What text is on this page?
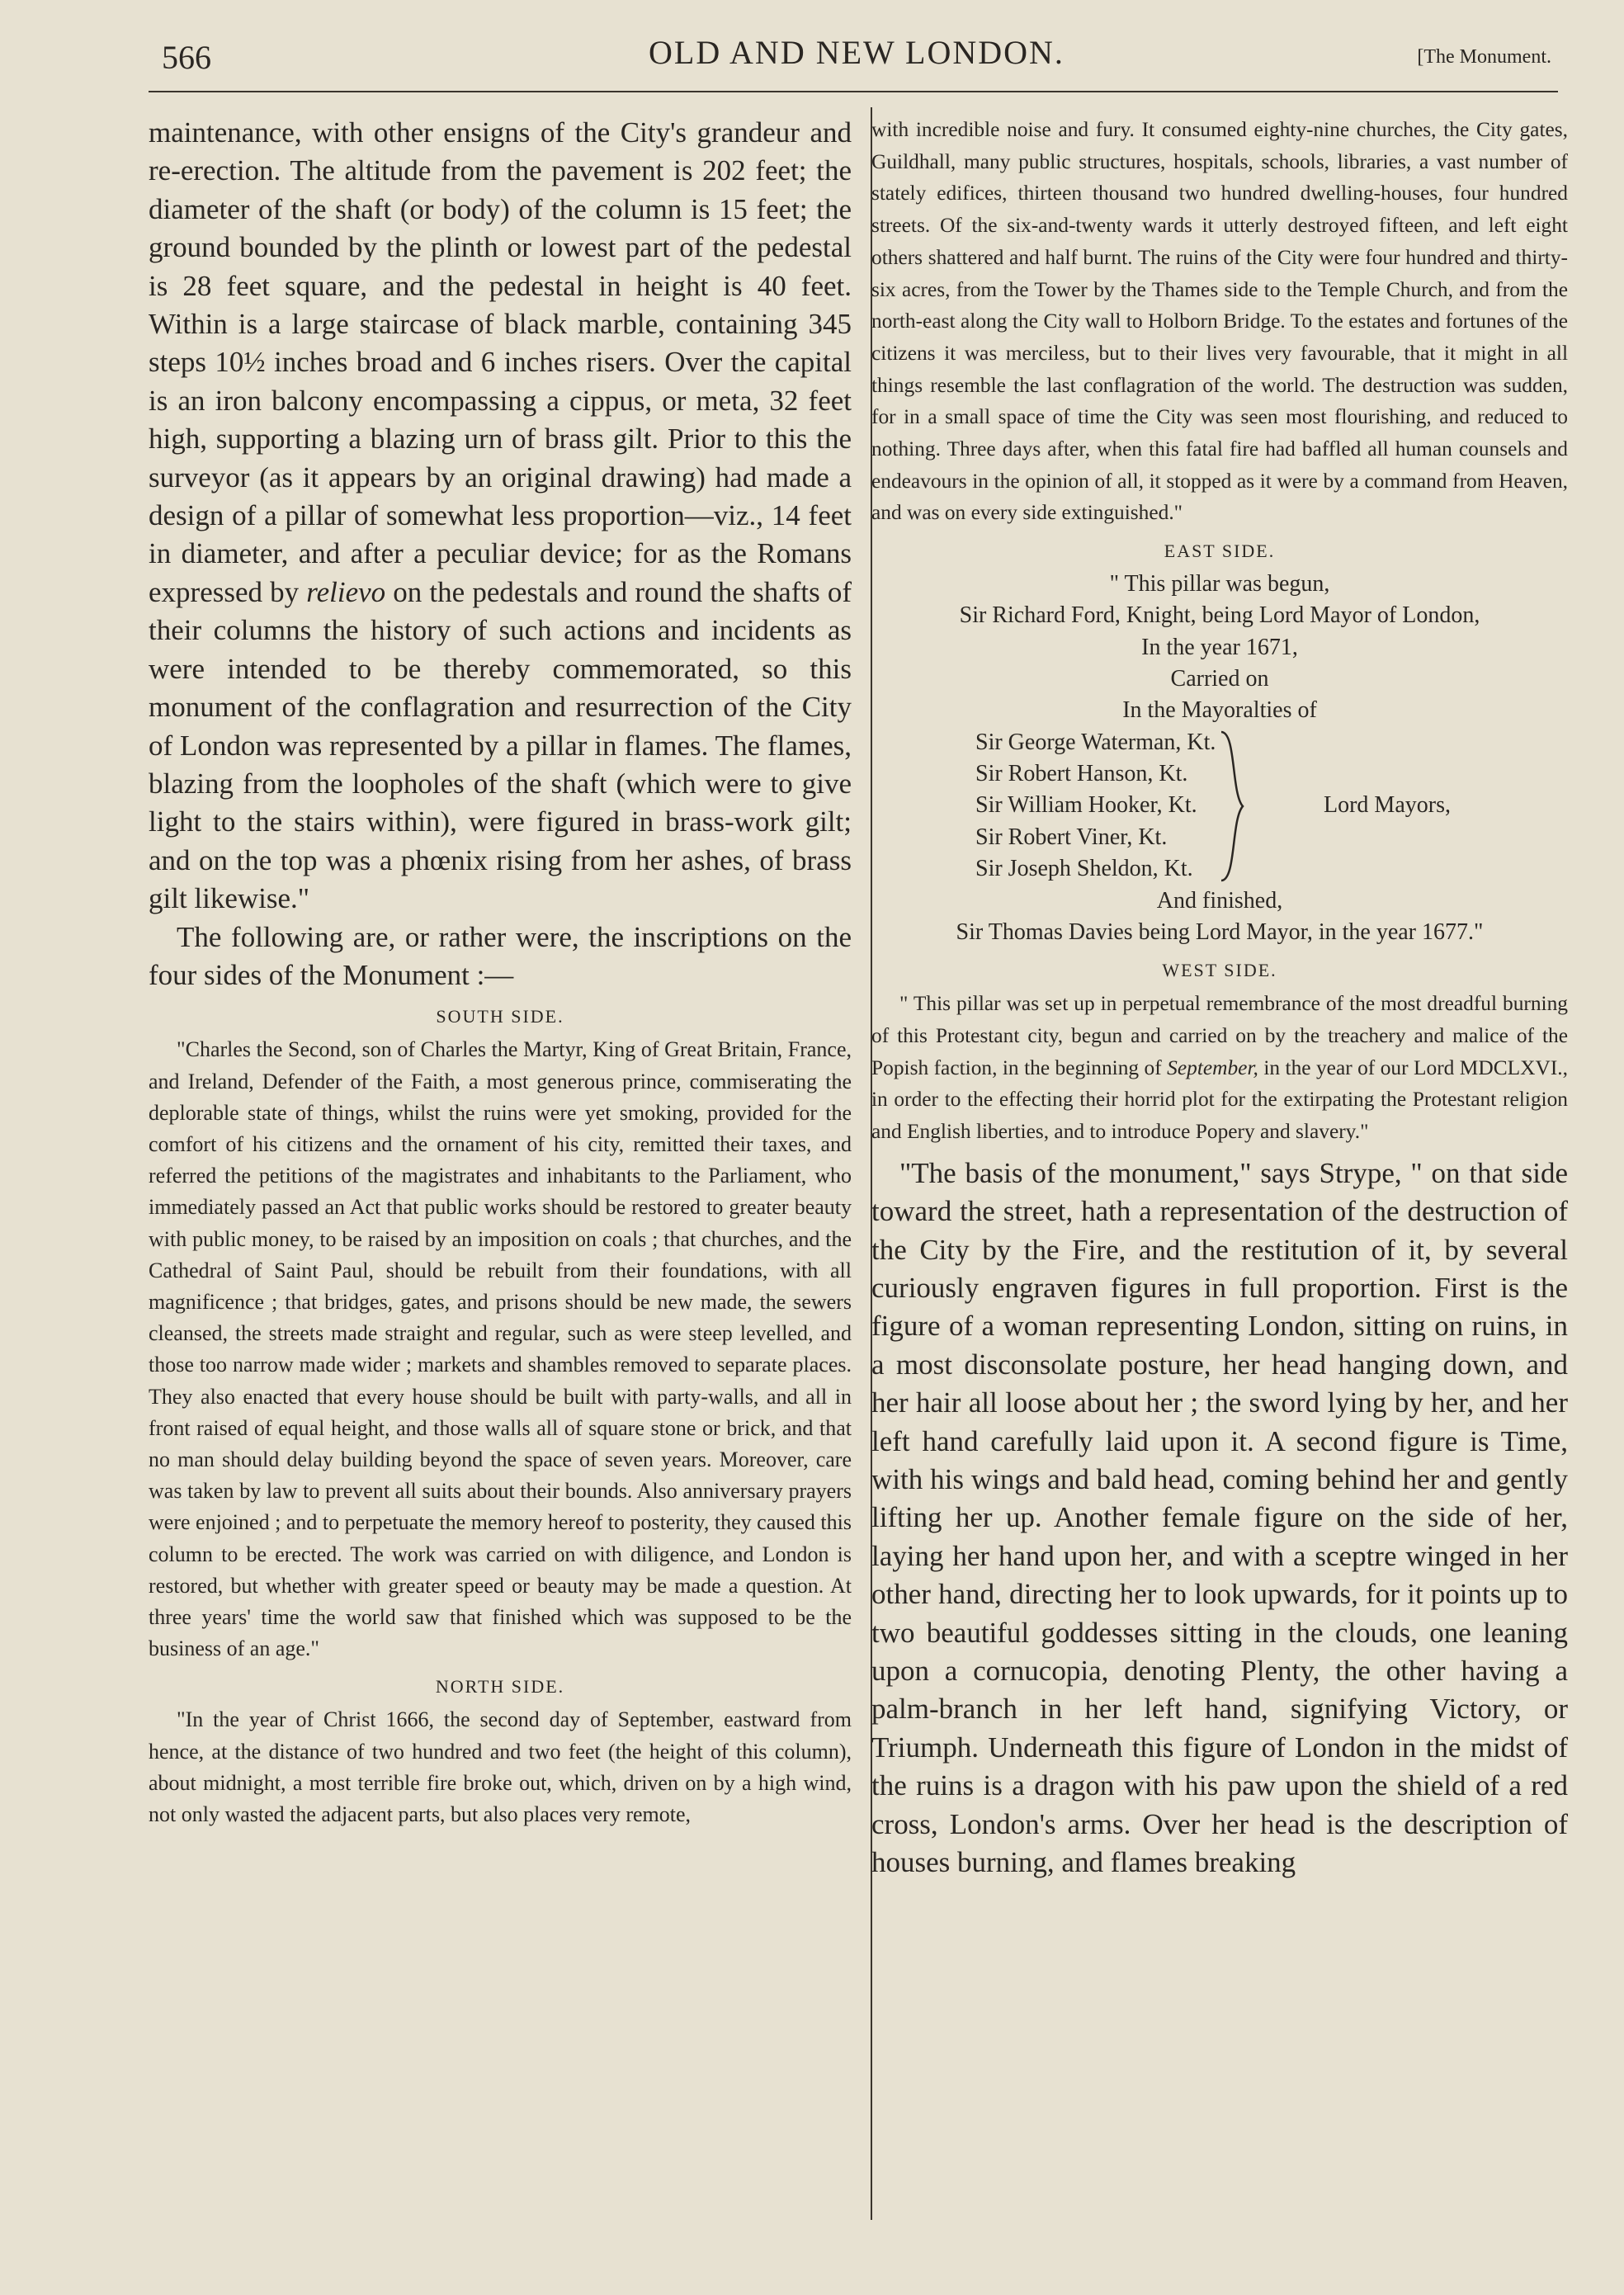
566	OLD AND NEW LONDON.	[The Monument.

maintenance, with other ensigns of the City's grandeur and re-erection. The altitude from the pavement is 202 feet; the diameter of the shaft (or body) of the column is 15 feet; the ground bounded by the plinth or lowest part of the pedestal is 28 feet square, and the pedestal in height is 40 feet. Within is a large staircase of black marble, containing 345 steps 10½ inches broad and 6 inches risers. Over the capital is an iron balcony encompassing a cippus, or meta, 32 feet high, supporting a blazing urn of brass gilt. Prior to this the surveyor (as it appears by an original drawing) had made a design of a pillar of somewhat less proportion—viz., 14 feet in diameter, and after a peculiar device; for as the Romans expressed by relievo on the pedestals and round the shafts of their columns the history of such actions and incidents as were intended to be thereby commemorated, so this monument of the conflagration and resurrection of the City of London was represented by a pillar in flames. The flames, blazing from the loopholes of the shaft (which were to give light to the stairs within), were figured in brass-work gilt; and on the top was a phœnix rising from her ashes, of brass gilt likewise."

The following are, or rather were, the inscriptions on the four sides of the Monument :—

SOUTH SIDE.

"Charles the Second, son of Charles the Martyr, King of Great Britain, France, and Ireland, Defender of the Faith, a most generous prince, commiserating the deplorable state of things, whilst the ruins were yet smoking, provided for the comfort of his citizens and the ornament of his city, remitted their taxes, and referred the petitions of the magistrates and inhabitants to the Parliament, who immediately passed an Act that public works should be restored to greater beauty with public money, to be raised by an imposition on coals ; that churches, and the Cathedral of Saint Paul, should be rebuilt from their foundations, with all magnificence ; that bridges, gates, and prisons should be new made, the sewers cleansed, the streets made straight and regular, such as were steep levelled, and those too narrow made wider ; markets and shambles removed to separate places. They also enacted that every house should be built with party-walls, and all in front raised of equal height, and those walls all of square stone or brick, and that no man should delay building beyond the space of seven years. Moreover, care was taken by law to prevent all suits about their bounds. Also anniversary prayers were enjoined ; and to perpetuate the memory hereof to posterity, they caused this column to be erected. The work was carried on with diligence, and London is restored, but whether with greater speed or beauty may be made a question. At three years' time the world saw that finished which was supposed to be the business of an age."

NORTH SIDE.

"In the year of Christ 1666, the second day of September, eastward from hence, at the distance of two hundred and two feet (the height of this column), about midnight, a most terrible fire broke out, which, driven on by a high wind, not only wasted the adjacent parts, but also places very remote,

with incredible noise and fury. It consumed eighty-nine churches, the City gates, Guildhall, many public structures, hospitals, schools, libraries, a vast number of stately edifices, thirteen thousand two hundred dwelling-houses, four hundred streets. Of the six-and-twenty wards it utterly destroyed fifteen, and left eight others shattered and half burnt. The ruins of the City were four hundred and thirty-six acres, from the Tower by the Thames side to the Temple Church, and from the north-east along the City wall to Holborn Bridge. To the estates and fortunes of the citizens it was merciless, but to their lives very favourable, that it might in all things resemble the last conflagration of the world. The destruction was sudden, for in a small space of time the City was seen most flourishing, and reduced to nothing. Three days after, when this fatal fire had baffled all human counsels and endeavours in the opinion of all, it stopped as it were by a command from Heaven, and was on every side extinguished."

EAST SIDE.
" This pillar was begun,
Sir Richard Ford, Knight, being Lord Mayor of London,
In the year 1671,
Carried on
In the Mayoralties of
Sir George Waterman, Kt.
Sir Robert Hanson, Kt.
Sir William Hooker, Kt.
Sir Robert Viner, Kt.
Sir Joseph Sheldon, Kt.
Lord Mayors,
And finished,
Sir Thomas Davies being Lord Mayor, in the year 1677."
WEST SIDE.

" This pillar was set up in perpetual remembrance of the most dreadful burning of this Protestant city, begun and carried on by the treachery and malice of the Popish faction, in the beginning of September, in the year of our Lord MDCLXVI., in order to the effecting their horrid plot for the extirpating the Protestant religion and English liberties, and to introduce Popery and slavery."

"The basis of the monument," says Strype, " on that side toward the street, hath a representation of the destruction of the City by the Fire, and the restitution of it, by several curiously engraven figures in full proportion. First is the figure of a woman representing London, sitting on ruins, in a most disconsolate posture, her head hanging down, and her hair all loose about her ; the sword lying by her, and her left hand carefully laid upon it. A second figure is Time, with his wings and bald head, coming behind her and gently lifting her up. Another female figure on the side of her, laying her hand upon her, and with a sceptre winged in her other hand, directing her to look upwards, for it points up to two beautiful goddesses sitting in the clouds, one leaning upon a cornucopia, denoting Plenty, the other having a palm-branch in her left hand, signifying Victory, or Triumph. Underneath this figure of London in the midst of the ruins is a dragon with his paw upon the shield of a red cross, London's arms. Over her head is the description of houses burning, and flames breaking
